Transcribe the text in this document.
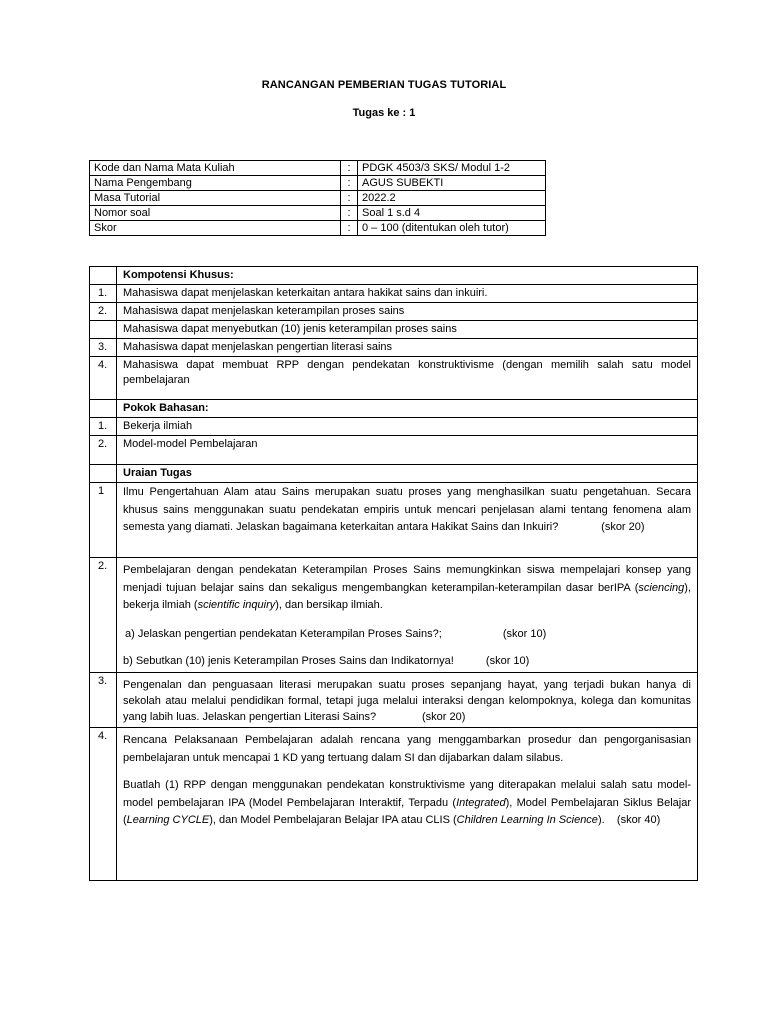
RANCANGAN PEMBERIAN TUGAS TUTORIAL
Tugas ke : 1
Kode dan Nama Mata Kuliah	:	PDGK 4503/3 SKS/ Modul 1-2
Nama Pengembang	:	AGUS SUBEKTI
Masa Tutorial	:	2022.2
Nomor soal	:	Soal 1 s.d 4
Skor	:	0 – 100 (ditentukan oleh tutor)
	Kompotensi Khusus:
1.	Mahasiswa dapat menjelaskan keterkaitan antara hakikat sains dan inkuiri.
2.	Mahasiswa dapat menjelaskan keterampilan proses sains
	Mahasiswa dapat menyebutkan (10) jenis keterampilan proses sains
3.	Mahasiswa dapat menjelaskan pengertian literasi sains
4.	Mahasiswa dapat membuat RPP dengan pendekatan konstruktivisme (dengan memilih salah satu model pembelajaran
	Pokok Bahasan:
1.	Bekerja ilmiah
2.	Model-model Pembelajaran
	Uraian Tugas
1	Ilmu Pengertahuan Alam atau Sains merupakan suatu proses yang menghasilkan suatu pengetahuan. Secara khusus sains menggunakan suatu pendekatan empiris untuk mencari penjelasan alami tentang fenomena alam semesta yang diamati. Jelaskan bagaimana keterkaitan antara Hakikat Sains dan Inkuiri? (skor 20)

2.	Pembelajaran dengan pendekatan Keterampilan Proses Sains memungkinkan siswa mempelajari konsep yang menjadi tujuan belajar sains dan sekaligus mengembangkan keterampilan-keterampilan dasar berIPA (sciencing), bekerja ilmiah (scientific inquiry), dan bersikap ilmiah.
a) Jelaskan pengertian pendekatan Keterampilan Proses Sains?; (skor 10)
b) Sebutkan (10) jenis Keterampilan Proses Sains dan Indikatornya! (skor 10)

3.	Pengenalan dan penguasaan literasi merupakan suatu proses sepanjang hayat, yang terjadi bukan hanya di sekolah atau melalui pendidikan formal, tetapi juga melalui interaksi dengan kelompoknya, kolega dan komunitas yang labih luas. Jelaskan pengertian Literasi Sains? (skor 20)

4.	Rencana Pelaksanaan Pembelajaran adalah rencana yang menggambarkan prosedur dan pengorganisasian pembelajaran untuk mencapai 1 KD yang tertuang dalam SI dan dijabarkan dalam silabus.
Buatlah (1) RPP dengan menggunakan pendekatan konstruktivisme yang diterapakan melalui salah satu model-model pembelajaran IPA (Model Pembelajaran Interaktif, Terpadu (Integrated), Model Pembelajaran Siklus Belajar (Learning CYCLE), dan Model Pembelajaran Belajar IPA atau CLIS (Children Learning In Science). (skor 40)
